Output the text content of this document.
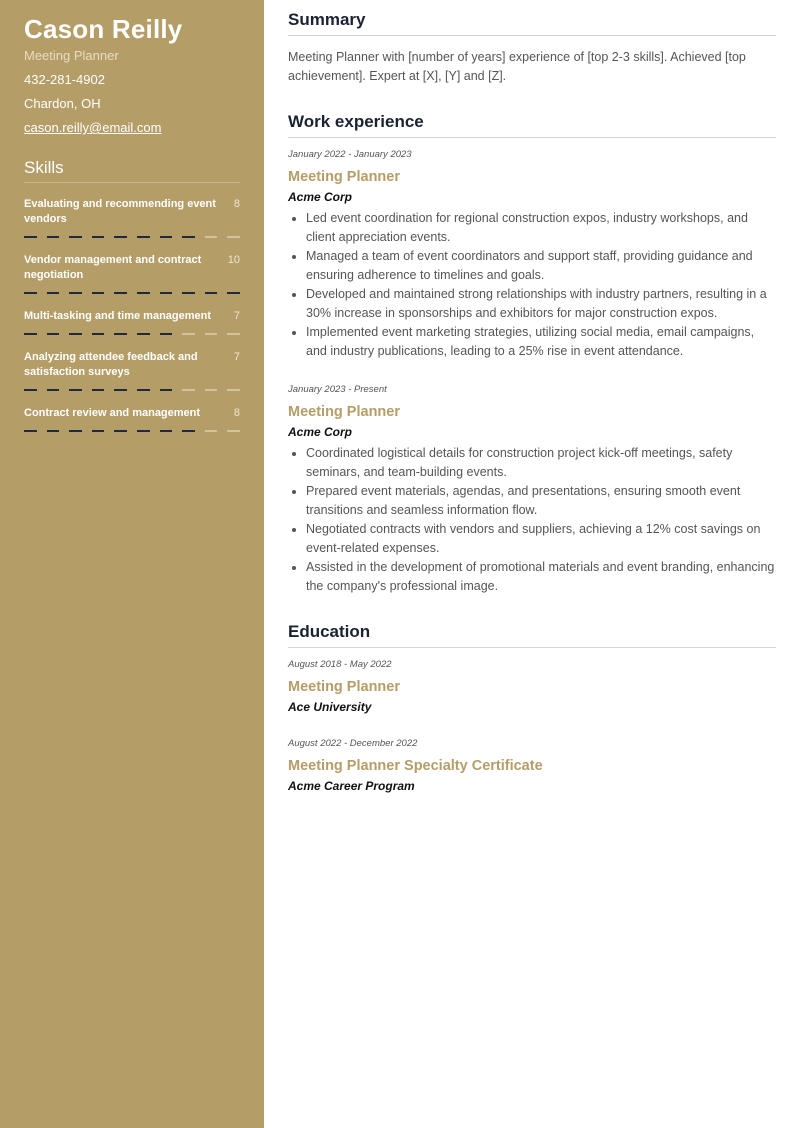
Cason Reilly
Meeting Planner
432-281-4902
Chardon, OH
cason.reilly@email.com
Skills
Evaluating and recommending event vendors
8
Vendor management and contract negotiation
10
Multi-tasking and time management	7
Analyzing attendee feedback and satisfaction surveys
7
Contract review and management	8
Summary

Meeting Planner with [number of years] experience of [top 2-3 skills]. Achieved [top achievement]. Expert at [X], [Y] and [Z].

Work experience
January 2022 - January 2023
Meeting Planner
Acme Corp
• Led event coordination for regional construction expos, industry workshops, and client appreciation events.
• Managed a team of event coordinators and support staff, providing guidance and ensuring adherence to timelines and goals.
• Developed and maintained strong relationships with industry partners, resulting in a 30% increase in sponsorships and exhibitors for major construction expos.
• Implemented event marketing strategies, utilizing social media, email campaigns, and industry publications, leading to a 25% rise in event attendance.
January 2023 - Present
Meeting Planner
Acme Corp
• Coordinated logistical details for construction project kick-off meetings, safety seminars, and team-building events.
• Prepared event materials, agendas, and presentations, ensuring smooth event transitions and seamless information flow.
• Negotiated contracts with vendors and suppliers, achieving a 12% cost savings on event-related expenses.
• Assisted in the development of promotional materials and event branding, enhancing the company's professional image.
Education
August 2018 - May 2022
Meeting Planner
Ace University
August 2022 - December 2022
Meeting Planner Specialty Certificate
Acme Career Program
